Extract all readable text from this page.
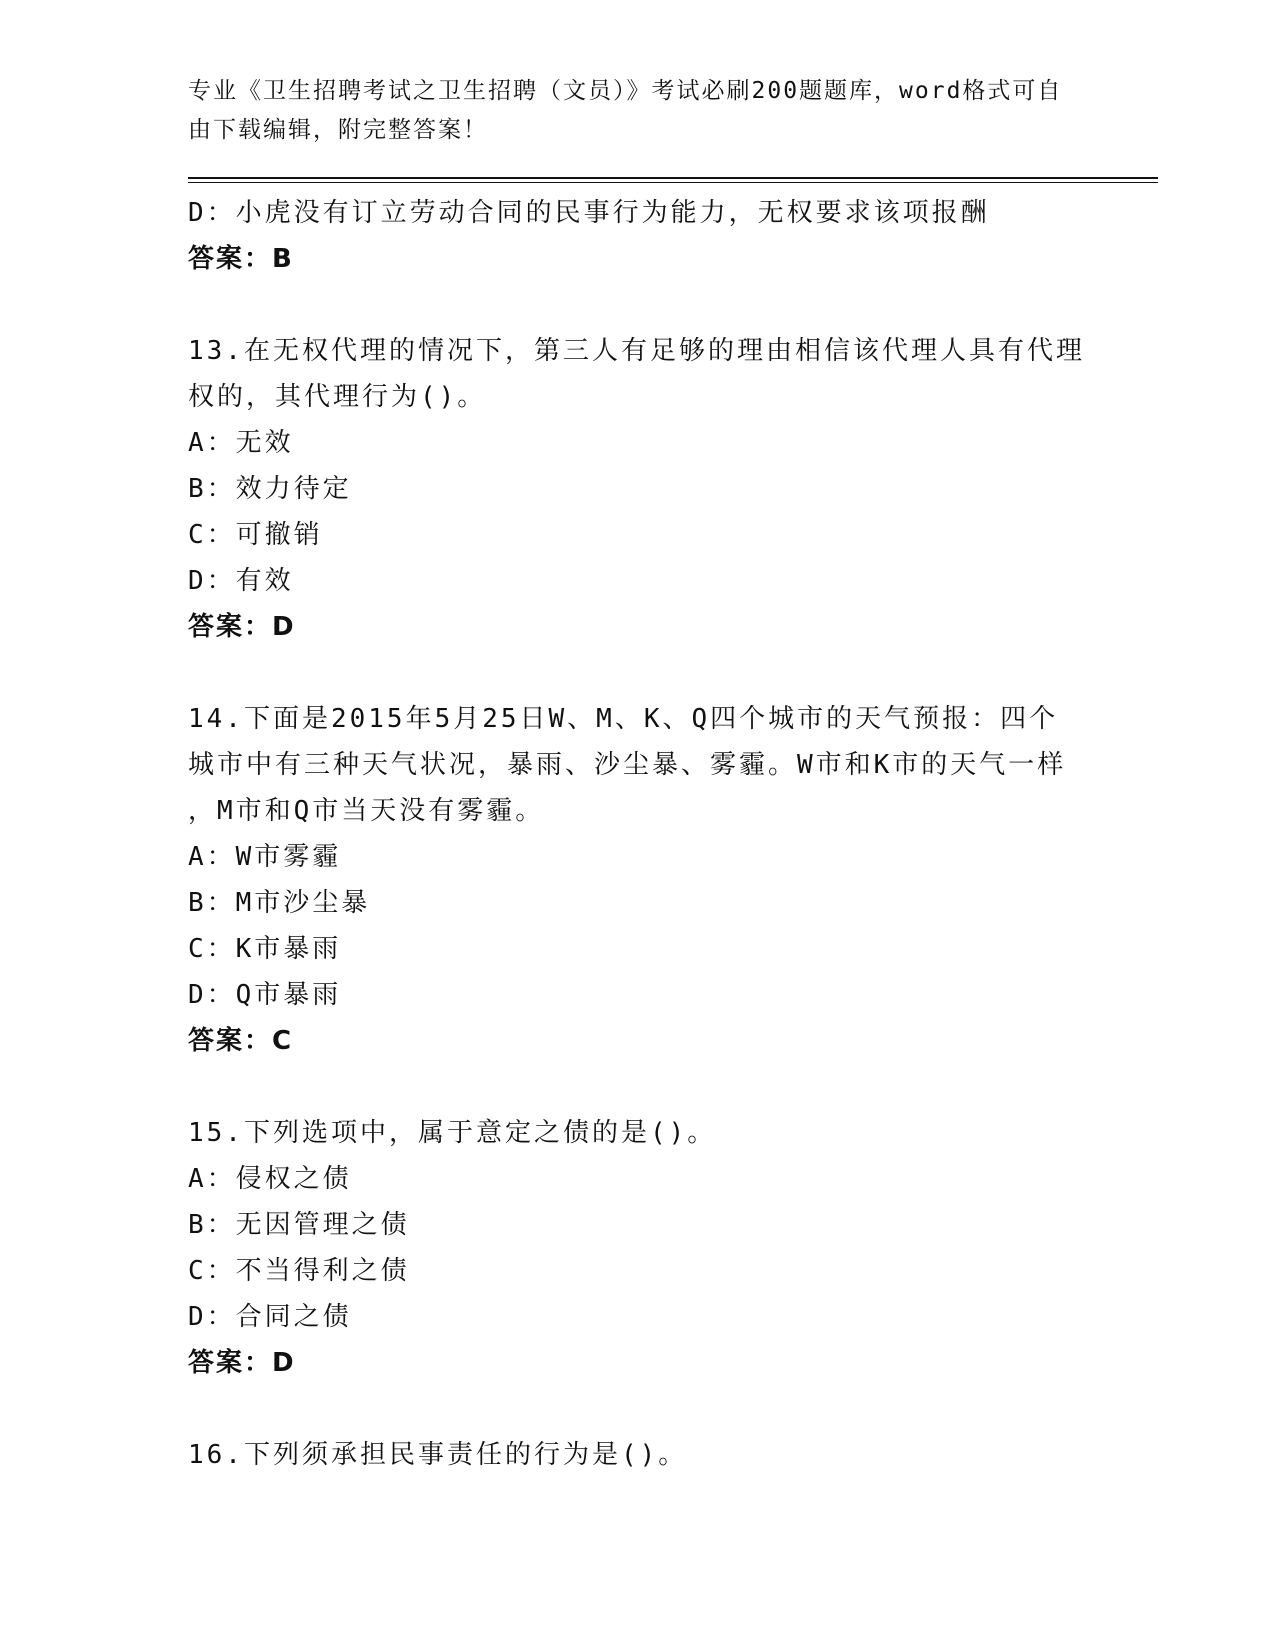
专业《卫生招聘考试之卫生招聘（文员）》考试必刷200题题库，word格式可自
由下载编辑，附完整答案！
D：小虎没有订立劳动合同的民事行为能力，无权要求该项报酬
答案：B
13.在无权代理的情况下，第三人有足够的理由相信该代理人具有代理
权的，其代理行为()。
A：无效
B：效力待定
C：可撤销
D：有效
答案：D
14.下面是2015年5月25日W、M、K、Q四个城市的天气预报：四个
城市中有三种天气状况，暴雨、沙尘暴、雾霾。W市和K市的天气一样
，M市和Q市当天没有雾霾。
A：W市雾霾
B：M市沙尘暴
C：K市暴雨
D：Q市暴雨
答案：C
15.下列选项中，属于意定之债的是()。
A：侵权之债
B：无因管理之债
C：不当得利之债
D：合同之债
答案：D
16.下列须承担民事责任的行为是()。
